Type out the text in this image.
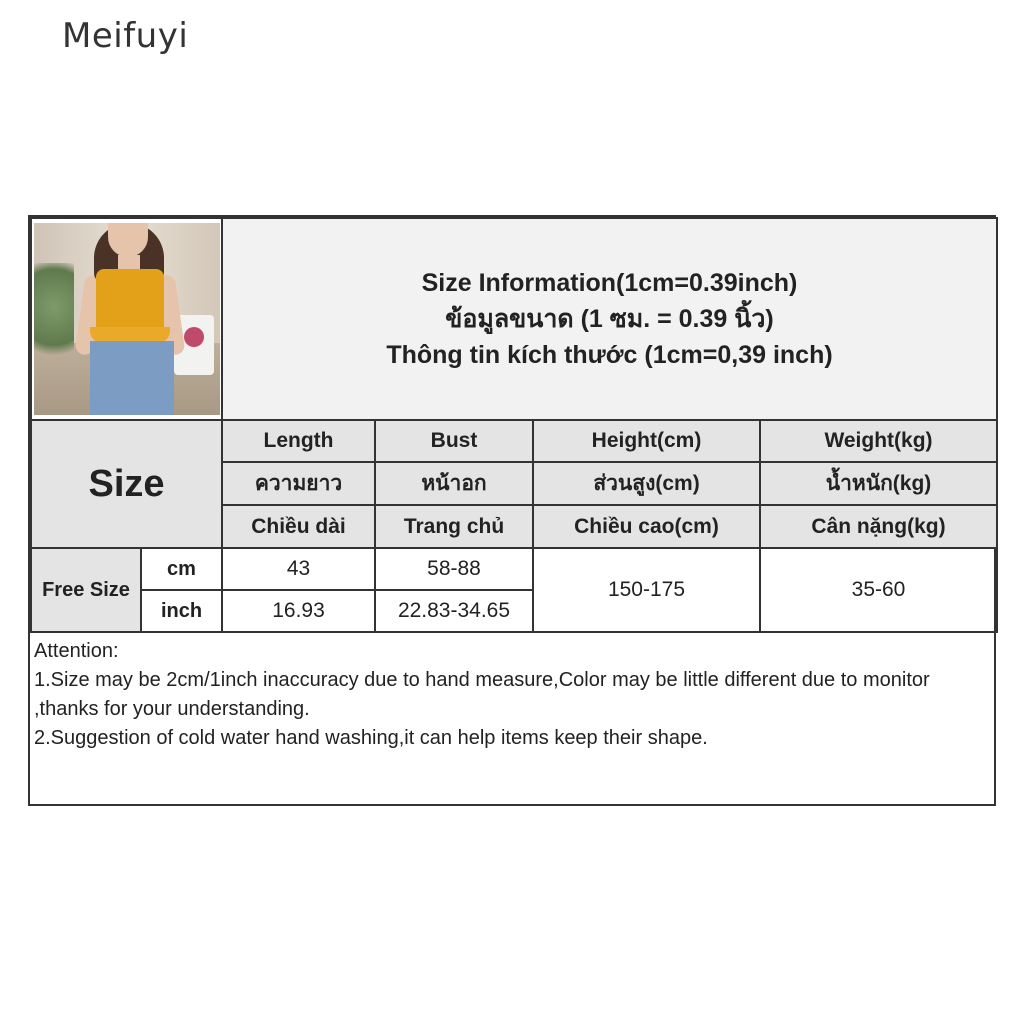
Meifuyi

		Size Information(1cm=0.39inch)
ข้อมูลขนาด (1 ซม. = 0.39 นิ้ว)
Thông tin kích thước (1cm=0,39 inch)			

Size		Length	Bust	Height(cm)	Weight(kg)
		ความยาว	หน้าอก	ส่วนสูง(cm)	น้ำหนัก(kg)
		Chiều dài	Trang chủ	Chiều cao(cm)	Cân nặng(kg)
Free Size	cm	43	58-88	150-175	35-60
	inch	16.93	22.83-34.65		
Attention:
1.Size may be 2cm/1inch inaccuracy due to hand measure,Color may be little different due to monitor ,thanks for your understanding.
2.Suggestion of cold water hand washing,it can help items keep their shape.
